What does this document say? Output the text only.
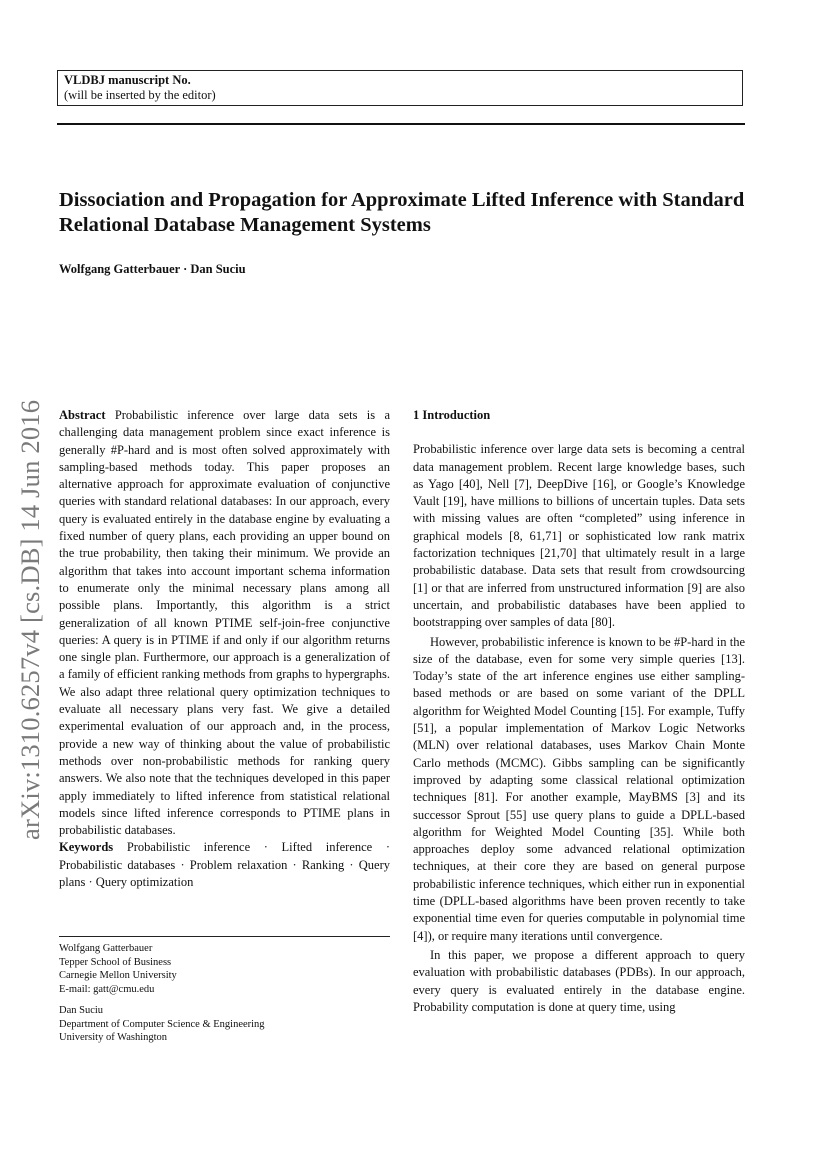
VLDBJ manuscript No.
(will be inserted by the editor)
Dissociation and Propagation for Approximate Lifted Inference with Standard Relational Database Management Systems
Wolfgang Gatterbauer · Dan Suciu
arXiv:1310.6257v4 [cs.DB] 14 Jun 2016	Abstract Probabilistic inference over large data sets is a challenging data management problem since exact inference is generally #P-hard and is most often solved approximately with sampling-based methods today. This paper proposes an alternative approach for approximate evaluation of conjunctive queries with standard relational databases: In our approach, every query is evaluated entirely in the database engine by evaluating a fixed number of query plans, each providing an upper bound on the true probability, then taking their minimum. We provide an algorithm that takes into account important schema information to enumerate only the minimal necessary plans among all possible plans. Importantly, this algorithm is a strict generalization of all known PTIME self-join-free conjunctive queries: A query is in PTIME if and only if our algorithm returns one single plan. Furthermore, our approach is a generalization of a family of efficient ranking methods from graphs to hypergraphs. We also adapt three relational query optimization techniques to evaluate all necessary plans very fast. We give a detailed experimental evaluation of our approach and, in the process, provide a new way of thinking about the value of probabilistic methods over non-probabilistic methods for ranking query answers. We also note that the techniques developed in this paper apply immediately to lifted inference from statistical relational models since lifted inference corresponds to PTIME plans in probabilistic databases.

Keywords Probabilistic inference · Lifted inference · Probabilistic databases · Problem relaxation · Ranking · Query plans · Query optimization

Wolfgang Gatterbauer

Tepper School of Business

Carnegie Mellon University

E-mail: gatt@cmu.edu

Dan Suciu

Department of Computer Science & Engineering

University of Washington

1 Introduction

Probabilistic inference over large data sets is becoming a central data management problem. Recent large knowledge bases, such as Yago [40], Nell [7], DeepDive [16], or Google’s Knowledge Vault [19], have millions to billions of uncertain tuples. Data sets with missing values are often “completed” using inference in graphical models [8, 61,71] or sophisticated low rank matrix factorization techniques [21,70] that ultimately result in a large probabilistic database. Data sets that result from crowdsourcing [1] or that are inferred from unstructured information [9] are also uncertain, and probabilistic databases have been applied to bootstrapping over samples of data [80].

However, probabilistic inference is known to be #P-hard in the size of the database, even for some very simple queries [13]. Today’s state of the art inference engines use either sampling-based methods or are based on some variant of the DPLL algorithm for Weighted Model Counting [15]. For example, Tuffy [51], a popular implementation of Markov Logic Networks (MLN) over relational databases, uses Markov Chain Monte Carlo methods (MCMC). Gibbs sampling can be significantly improved by adapting some classical relational optimization techniques [81]. For another example, MayBMS [3] and its successor Sprout [55] use query plans to guide a DPLL-based algorithm for Weighted Model Counting [35]. While both approaches deploy some advanced relational optimization techniques, at their core they are based on general purpose probabilistic inference techniques, which either run in exponential time (DPLL-based algorithms have been proven recently to take exponential time even for queries computable in polynomial time [4]), or require many iterations until convergence.

In this paper, we propose a different approach to query evaluation with probabilistic databases (PDBs). In our approach, every query is evaluated entirely in the database engine. Probability computation is done at query time, using
